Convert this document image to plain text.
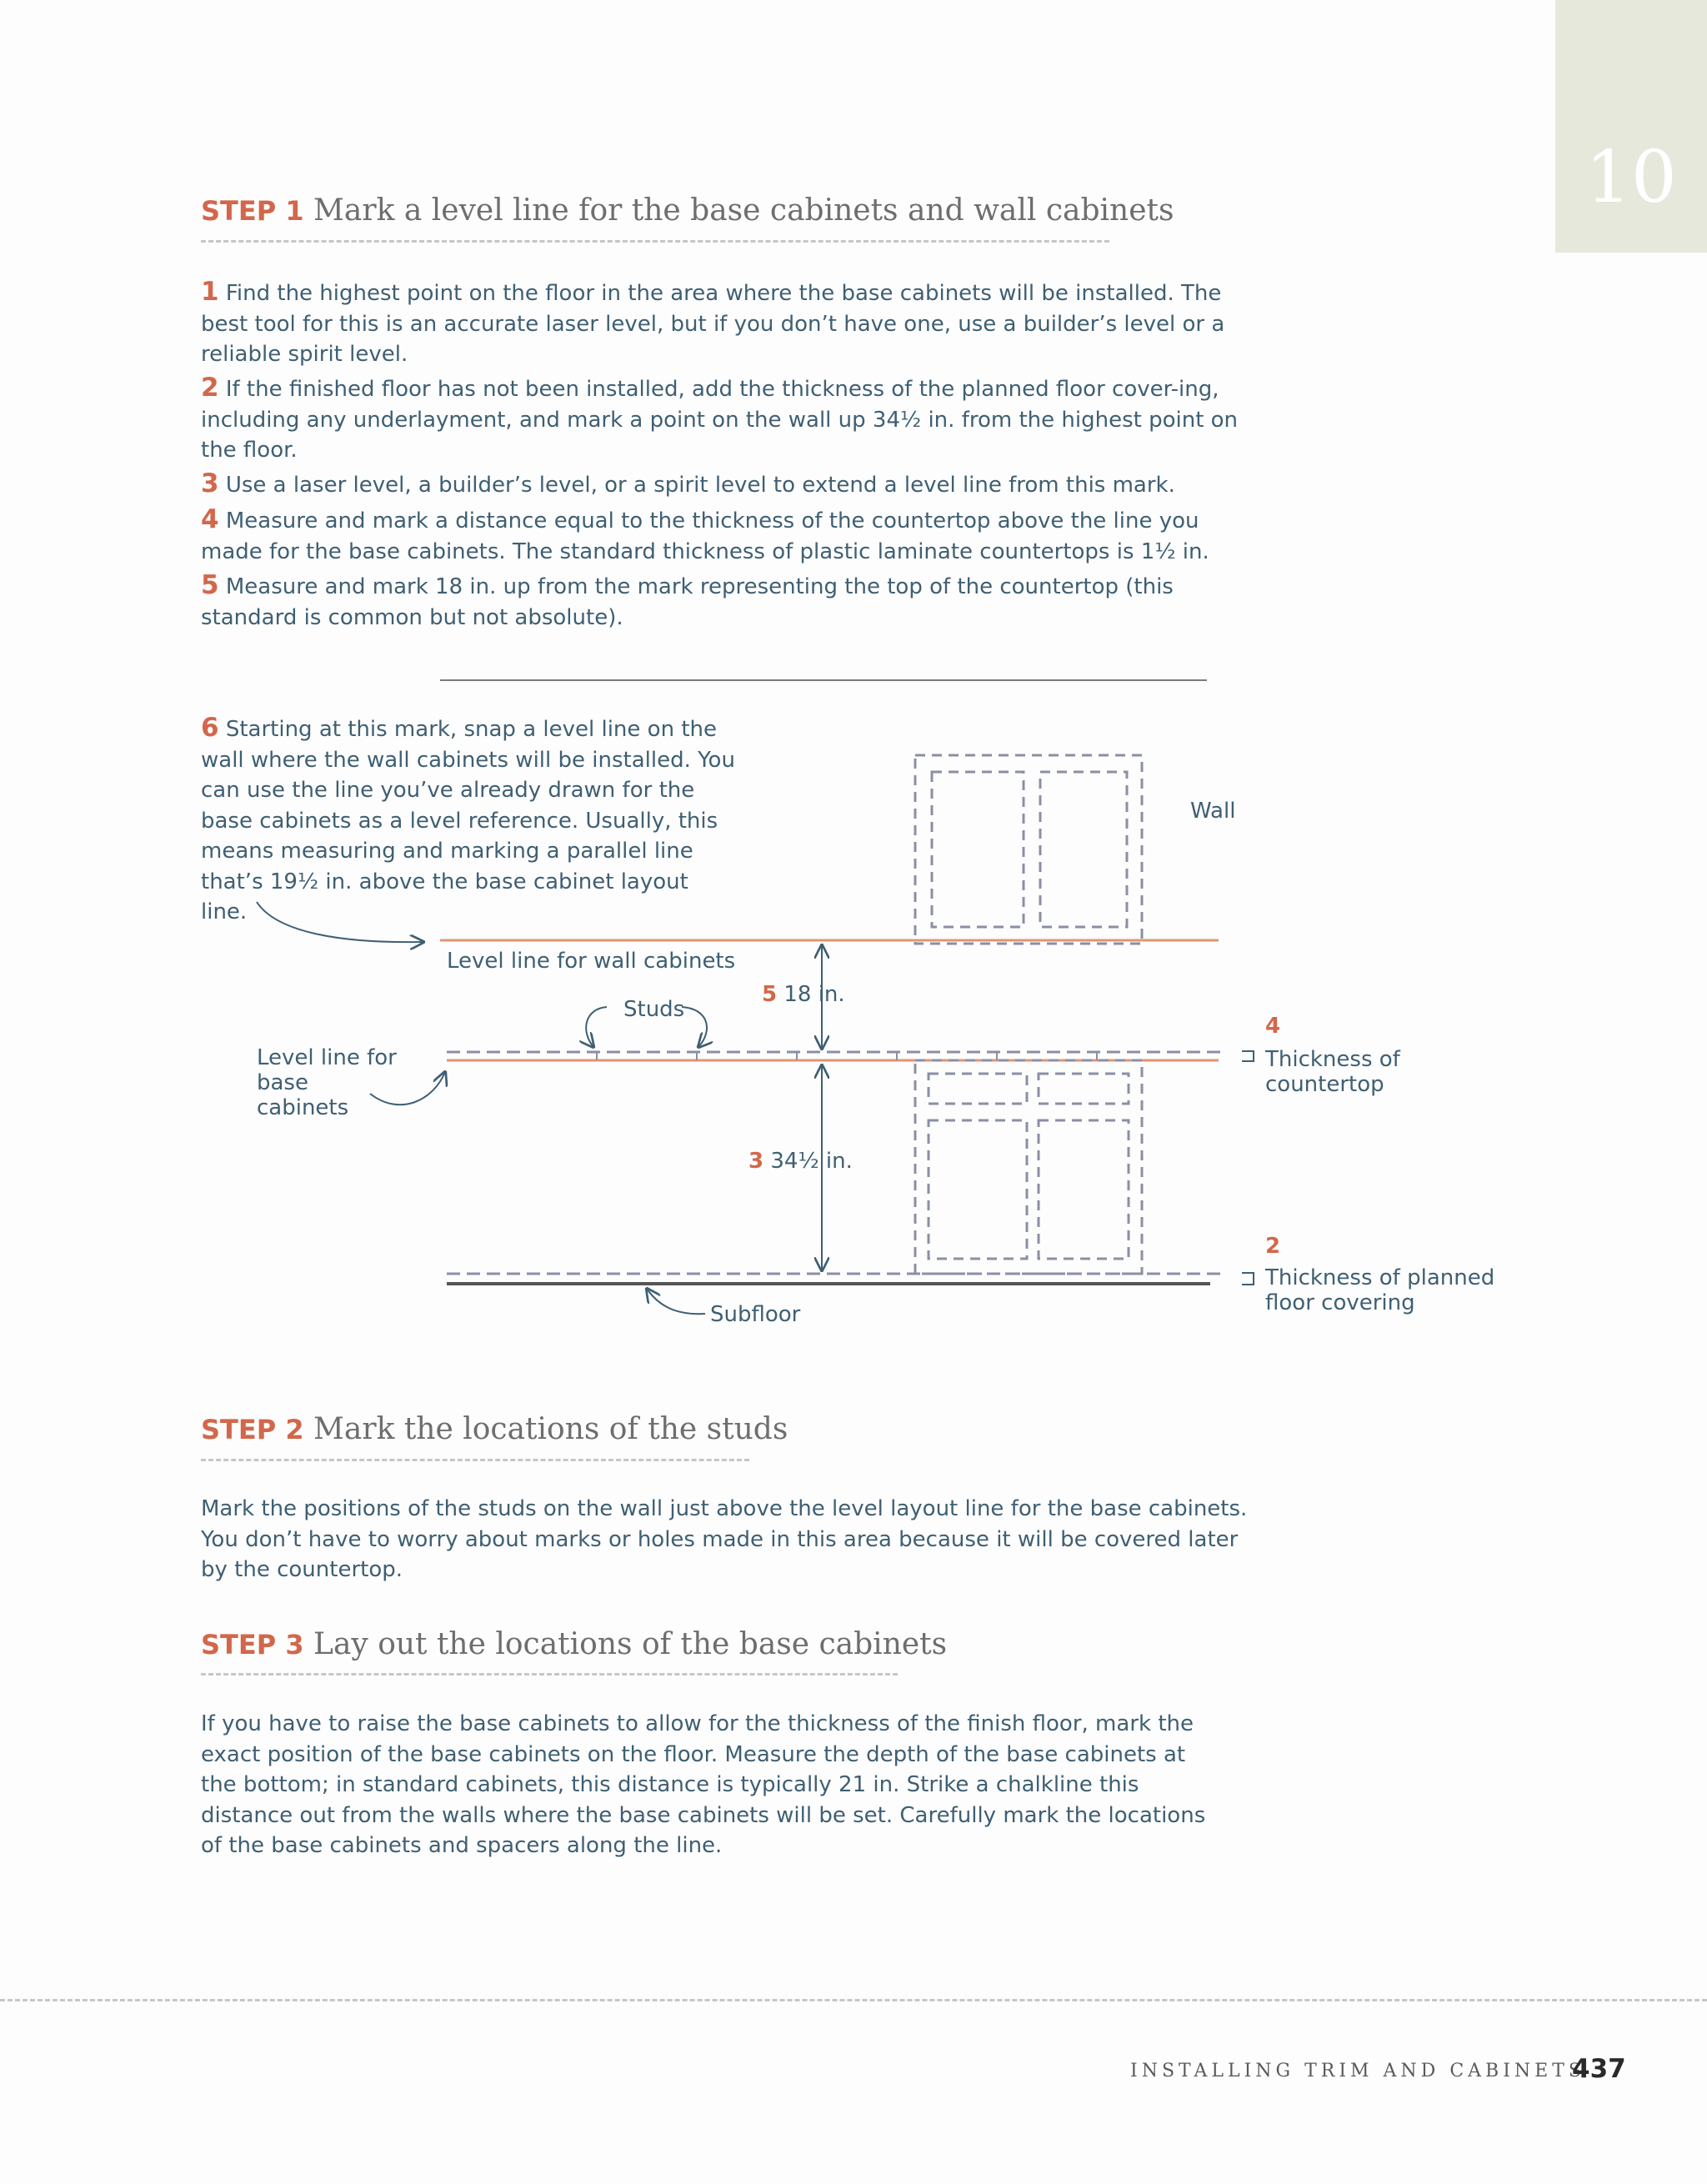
10
STEP 1 Mark a level line for the base cabinets and wall cabinets
1 Find the highest point on the floor in the area where the base cabinets will be installed. The best tool for this is an accurate laser level, but if you don’t have one, use a builder’s level or a reliable spirit level.
2 If the finished floor has not been installed, add the thickness of the planned floor cover-ing, including any underlayment, and mark a point on the wall up 34½ in. from the highest point on the floor.
3 Use a laser level, a builder’s level, or a spirit level to extend a level line from this mark.
4 Measure and mark a distance equal to the thickness of the countertop above the line you made for the base cabinets. The standard thickness of plastic laminate countertops is 1½ in.
5 Measure and mark 18 in. up from the mark representing the top of the countertop (this standard is common but not absolute).
6 Starting at this mark, snap a level line on the wall where the wall cabinets will be installed. You can use the line you’ve already drawn for the base cabinets as a level reference. Usually, this means measuring and marking a parallel line that’s 19½ in. above the base cabinet layout line.
Wall
Level line for wall cabinets
Studs
Level line for base cabinets
5 18 in.
3 34½ in.
4
Thickness of countertop
2
Thickness of planned floor covering
Subfloor
STEP 2 Mark the locations of the studs
Mark the positions of the studs on the wall just above the level layout line for the base cabinets. You don’t have to worry about marks or holes made in this area because it will be covered later by the countertop.
STEP 3 Lay out the locations of the base cabinets
If you have to raise the base cabinets to allow for the thickness of the finish floor, mark the exact position of the base cabinets on the floor. Measure the depth of the base cabinets at the bottom; in standard cabinets, this distance is typically 21 in. Strike a chalkline this distance out from the walls where the base cabinets will be set. Carefully mark the locations of the base cabinets and spacers along the line.
INSTALLING TRIM AND CABINETS
437
